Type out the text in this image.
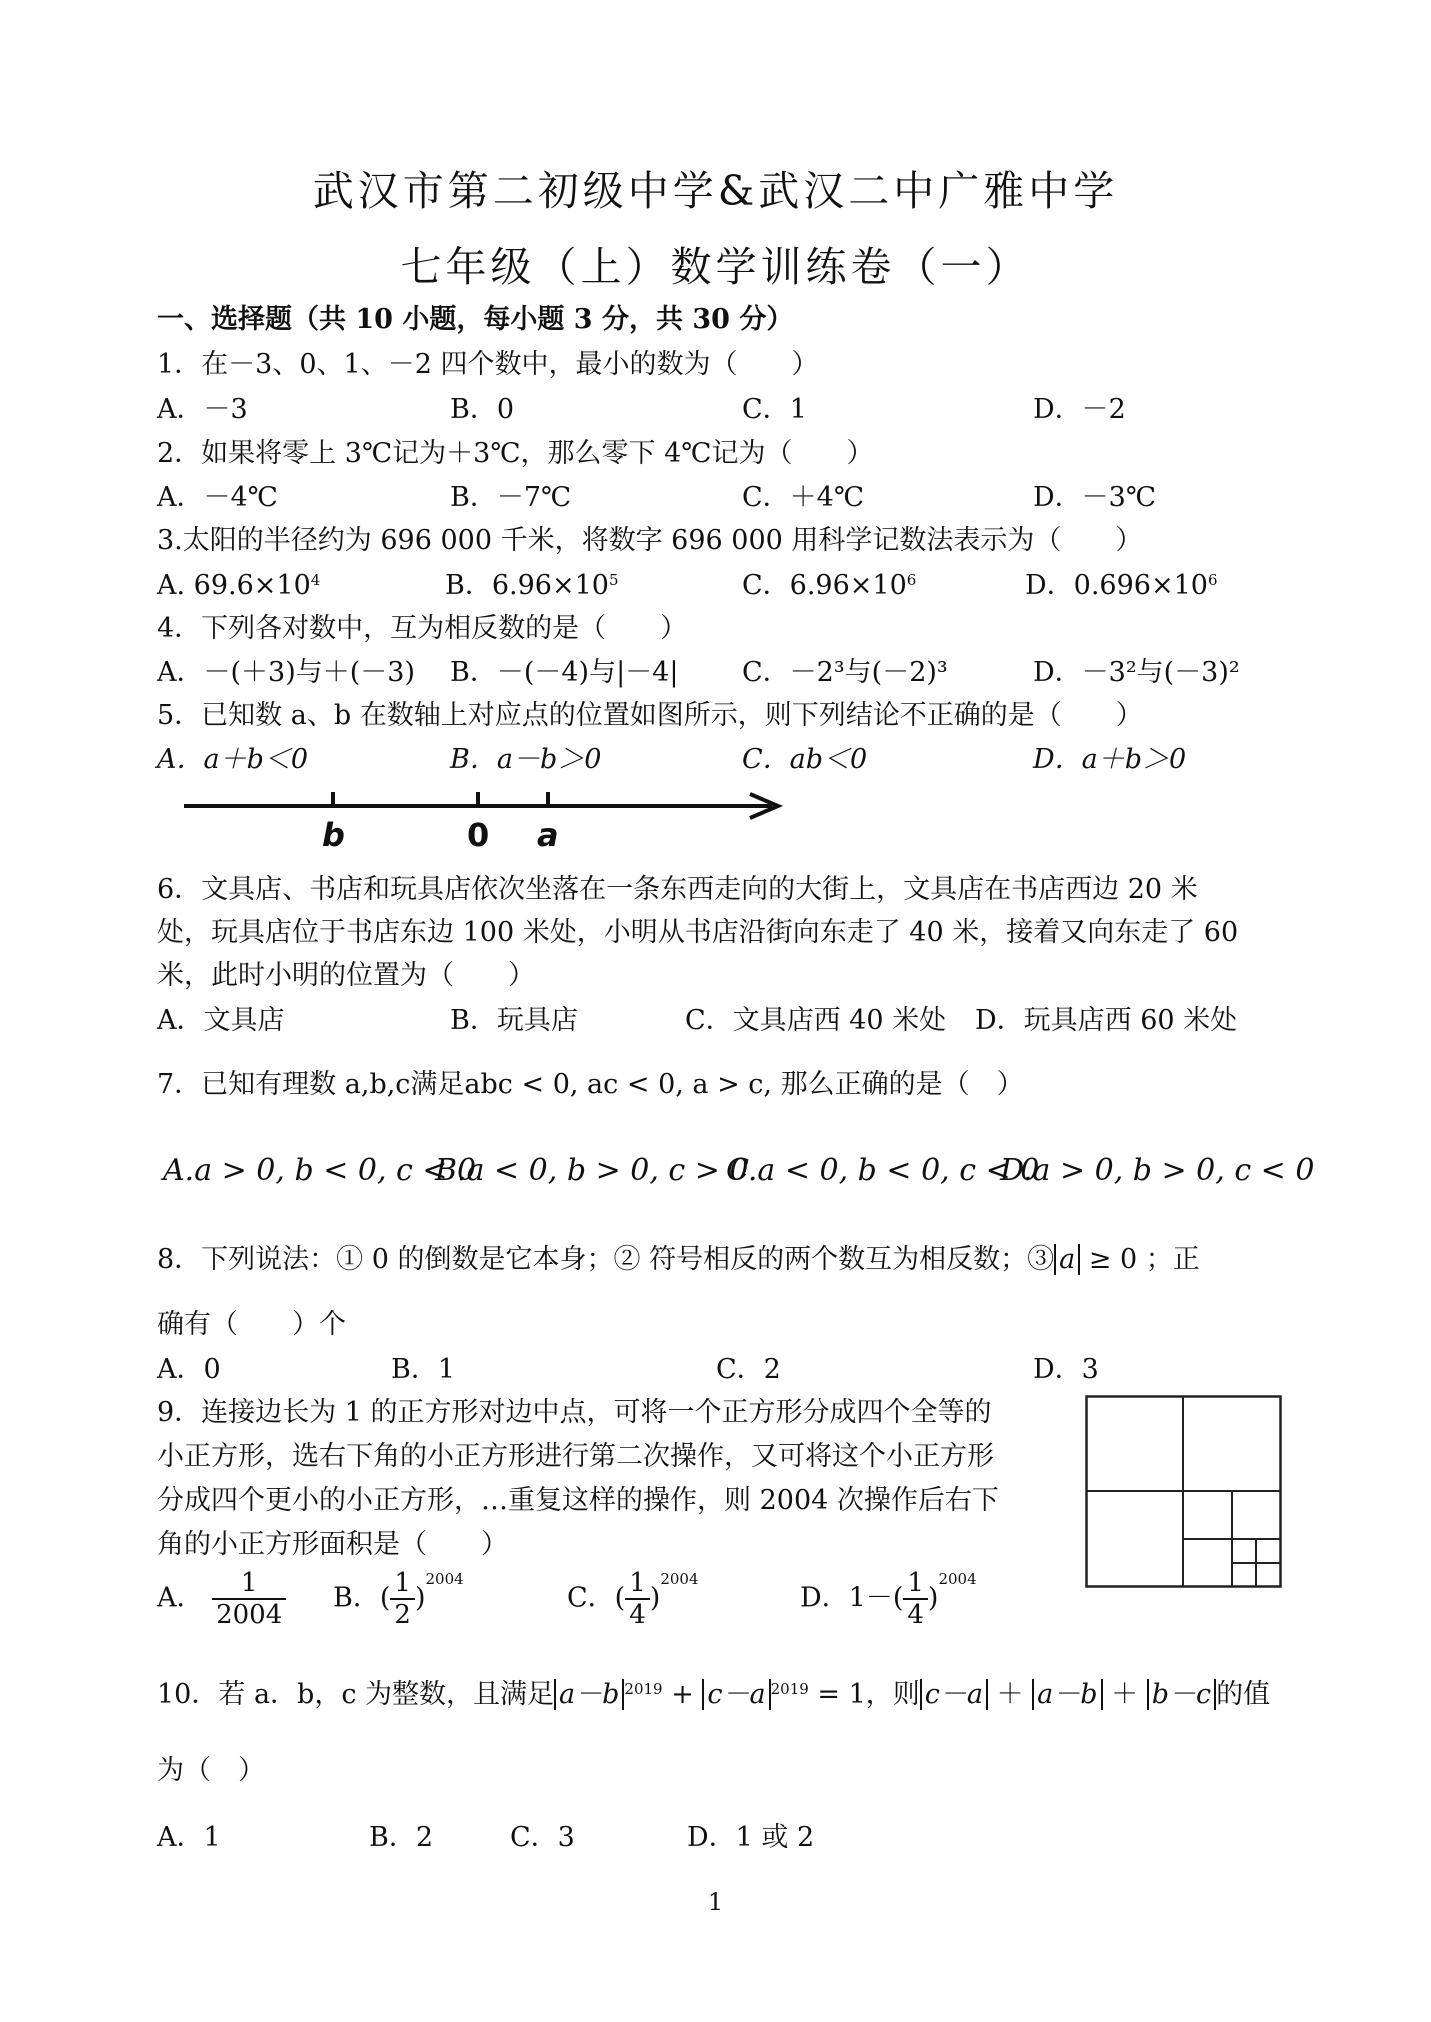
武汉市第二初级中学&武汉二中广雅中学
七年级（上）数学训练卷（一）
一、选择题（共 10 小题，每小题 3 分，共 30 分）
1．在－3、0、1、－2 四个数中，最小的数为（　　）
A．－3	B．0	C．1	D．－2
2．如果将零上 3℃记为＋3℃，那么零下 4℃记为（　　）
A．－4℃	B．－7℃	C．＋4℃	D．－3℃
3.太阳的半径约为 696 000 千米，将数字 696 000 用科学记数法表示为（　　）
A. $69.6\times 10^4$	B．$6.96\times 10^5$	C．$6.96\times 10^6$	D．$0.696\times 10^6$
4．下列各对数中，互为相反数的是（　　）
A．－(＋3)与＋(－3) B．－(－4)与|－4| C．－2³与(－2)³	D．－3²与(－3)²
5．已知数 a、b 在数轴上对应点的位置如图所示，则下列结论不正确的是（　　）
A．a＋b＜0	B．a－b＞0	C．ab＜0	D．a＋b＞0
b	0 a
6．文具店、书店和玩具店依次坐落在一条东西走向的大街上，文具店在书店西边 20 米
处，玩具店位于书店东边 100 米处，小明从书店沿街向东走了 40 米，接着又向东走了 60
米，此时小明的位置为（　　）
A．文具店	B．玩具店	C．文具店西 40 米处 D．玩具店西 60 米处
7．已知有理数 a,b,c满足abc < 0, ac < 0, a > c, 那么正确的是（　）
A.a > 0, b < 0, c < 0
B.a < 0, b > 0, c > 0
C.a < 0, b < 0, c < 0
D.a > 0, b > 0, c < 0
8．下列说法：① 0 的倒数是它本身；② 符号相反的两个数互为相反数；③ a ≥ 0 ；正
确有（　　）个
A．0	B．1	C．2	D．3
9．连接边长为 1 的正方形对边中点，可将一个正方形分成四个全等的
小正方形，选右下角的小正方形进行第二次操作，又可将这个小正方形
分成四个更小的小正方形，…重复这样的操作，则 2004 次操作后右下
角的小正方形面积是（　　）
A． $\frac{1}{2004}$ B．( $\frac{1}{2} )^{2004}$
C．( $\frac{1}{4} )^{2004}$
D．$1-( \frac{1}{4} )^{2004}$
10．若 a．b，c 为整数，且满足 a－b $^{2019}$ + c－a $^{2019}$ = 1，则 c－a ＋ a－b ＋ b－c 的值
为（　）
A．1	B．2	C．3	D．1 或 2
1
